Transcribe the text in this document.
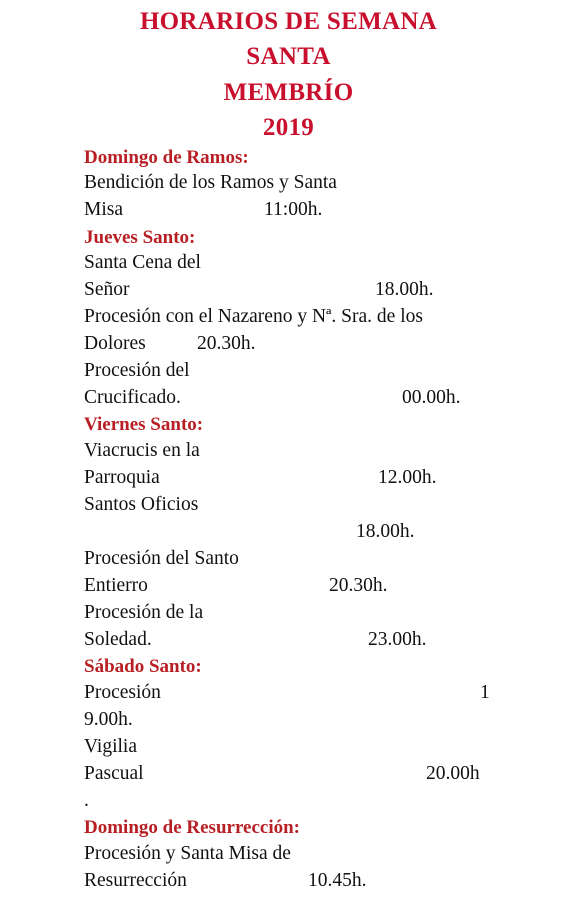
HORARIOS DE SEMANA
SANTA
MEMBRÍO
2019
Domingo de Ramos:
Bendición de los Ramos y Santa
Misa	11:00h.
Jueves Santo:
Santa Cena del
Señor	18.00h.
Procesión con el Nazareno y Nª. Sra. de los
Dolores	20.30h.
Procesión del
Crucificado.	00.00h.
Viernes Santo:
Viacrucis en la
Parroquia	12.00h.
Santos Oficios
18.00h.
Procesión del Santo
Entierro	20.30h.
Procesión de la
Soledad.	23.00h.
Sábado Santo:
Procesión	1
9.00h.
Vigilia
Pascual	20.00h
.
Domingo de Resurrección:
Procesión y Santa Misa de
Resurrección	10.45h.
